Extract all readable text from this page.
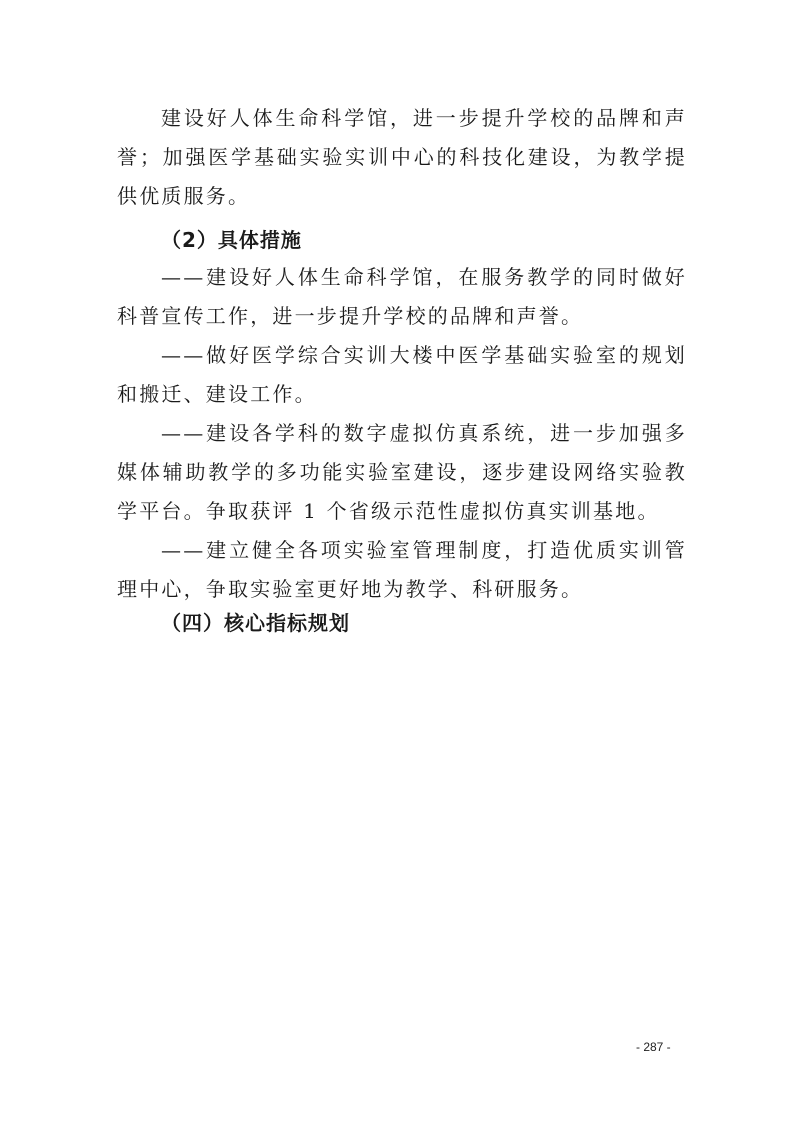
建设好人体生命科学馆，进一步提升学校的品牌和声誉；加强医学基础实验实训中心的科技化建设，为教学提供优质服务。

（2）具体措施

——建设好人体生命科学馆，在服务教学的同时做好科普宣传工作，进一步提升学校的品牌和声誉。

——做好医学综合实训大楼中医学基础实验室的规划和搬迁、建设工作。

——建设各学科的数字虚拟仿真系统，进一步加强多媒体辅助教学的多功能实验室建设，逐步建设网络实验教学平台。争取获评 1 个省级示范性虚拟仿真实训基地。

——建立健全各项实验室管理制度，打造优质实训管理中心，争取实验室更好地为教学、科研服务。

（四）核心指标规划
- 287 -
